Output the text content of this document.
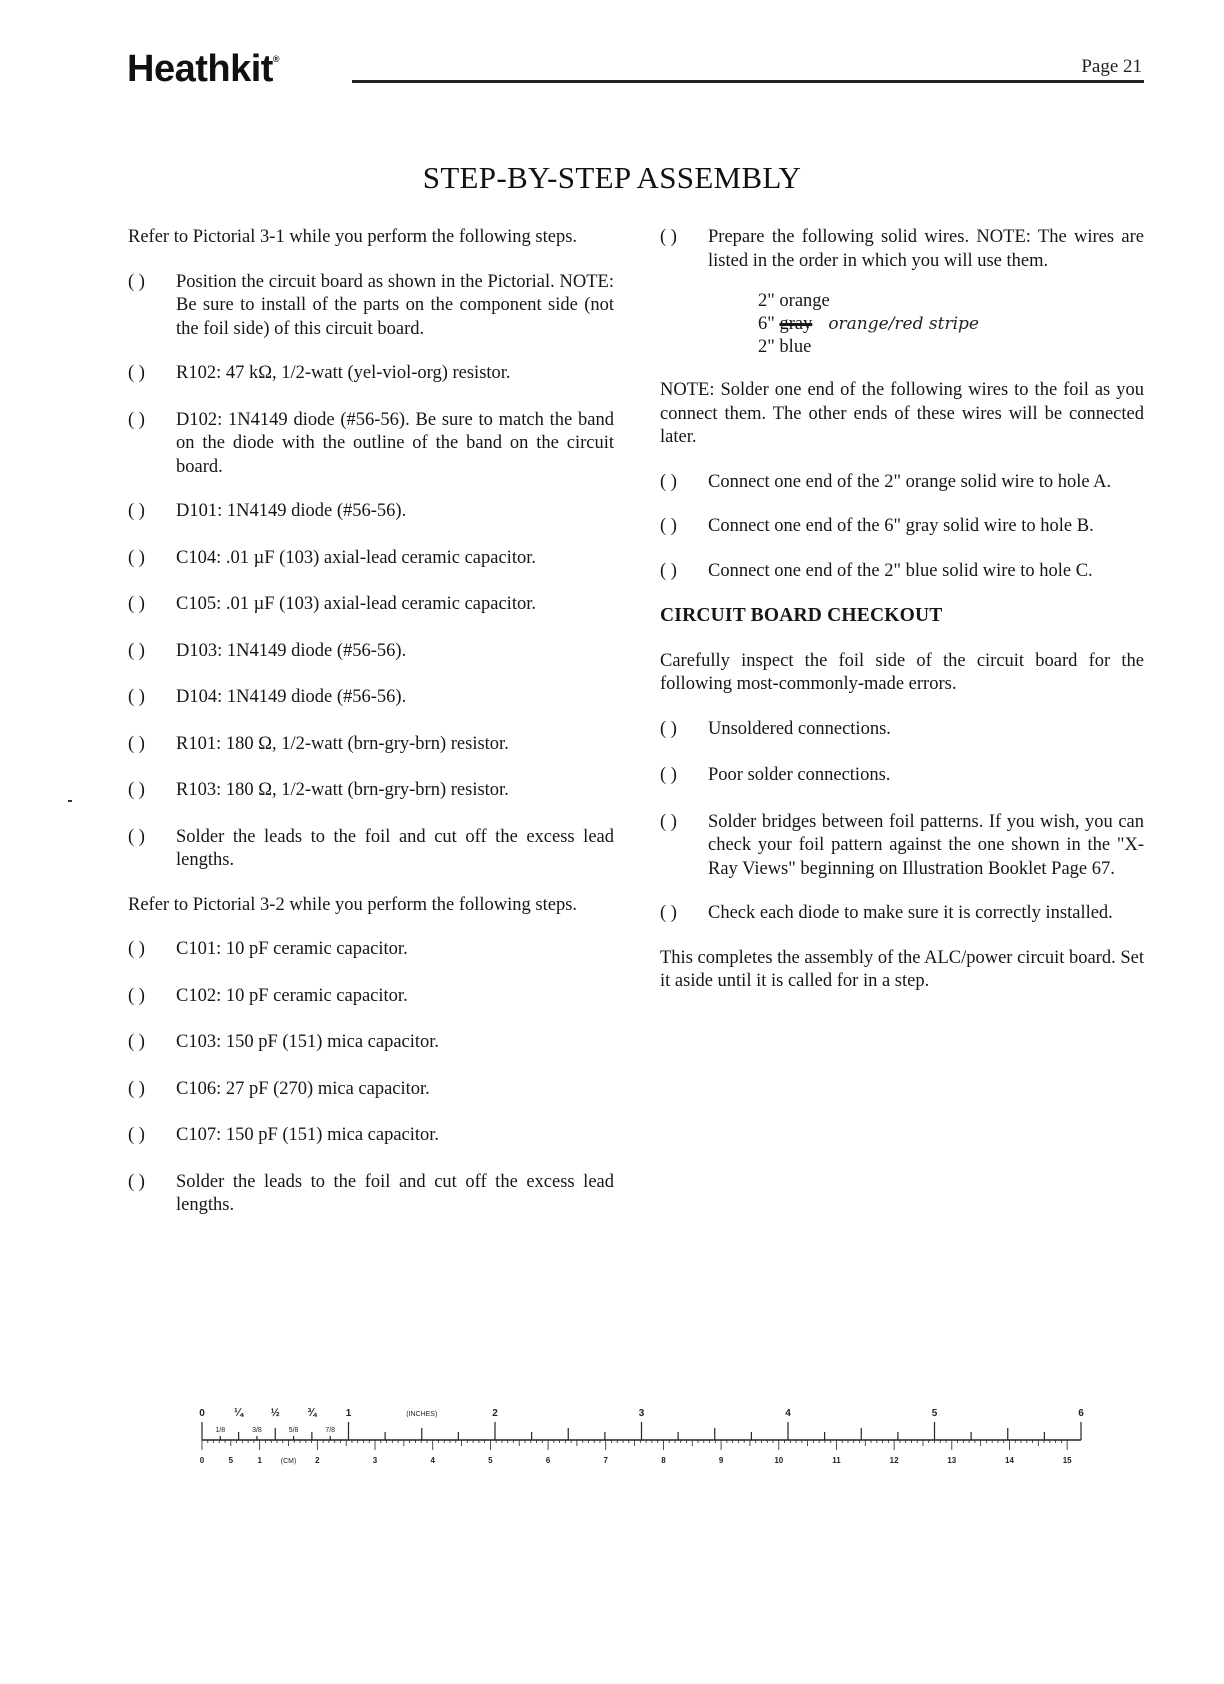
Heathkit®	Page 21
STEP-BY-STEP ASSEMBLY

Refer to Pictorial 3-1 while you perform the following steps.

( )	Position the circuit board as shown in the Pictorial. NOTE: Be sure to install of the parts on the component side (not the foil side) of this circuit board.
( )	R102: 47 kΩ, 1/2-watt (yel-viol-org) resistor.
( )	D102: 1N4149 diode (#56-56). Be sure to match the band on the diode with the outline of the band on the circuit board.
( )	D101: 1N4149 diode (#56-56).
( )	C104: .01 µF (103) axial-lead ceramic capacitor.
( )	C105: .01 µF (103) axial-lead ceramic capacitor.
( )	D103: 1N4149 diode (#56-56).
( )	D104: 1N4149 diode (#56-56).
( )	R101: 180 Ω, 1/2-watt (brn-gry-brn) resistor.
( )	R103: 180 Ω, 1/2-watt (brn-gry-brn) resistor.
( )	Solder the leads to the foil and cut off the excess lead lengths.

Refer to Pictorial 3-2 while you perform the following steps.

( )	C101: 10 pF ceramic capacitor.
( )	C102: 10 pF ceramic capacitor.
( )	C103: 150 pF (151) mica capacitor.
( )	C106: 27 pF (270) mica capacitor.
( )	C107: 150 pF (151) mica capacitor.
( )	Solder the leads to the foil and cut off the excess lead lengths.
( )	Prepare the following solid wires. NOTE: The wires are listed in the order in which you will use them.
2" orange
6" gray orange/red stripe
2" blue

NOTE: Solder one end of the following wires to the foil as you connect them. The other ends of these wires will be connected later.

( )	Connect one end of the 2" orange solid wire to hole A.
( )	Connect one end of the 6" gray solid wire to hole B.
( )	Connect one end of the 2" blue solid wire to hole C.
CIRCUIT BOARD CHECKOUT

Carefully inspect the foil side of the circuit board for the following most-commonly-made errors.

( )	Unsoldered connections.
( )	Poor solder connections.
( )	Solder bridges between foil patterns. If you wish, you can check your foil pattern against the one shown in the "X-Ray Views" beginning on Illustration Booklet Page 67.
( )	Check each diode to make sure it is correctly installed.

This completes the assembly of the ALC/power circuit board. Set it aside until it is called for in a step.

0	1	2	3	4	5	6
¼ ½ ¾
1/8	3/8	5/8	7/8
(INCHES)
0	5	1	2	3	4	5	6	7	8	9	10	11	12	13	14	15
(CM)
